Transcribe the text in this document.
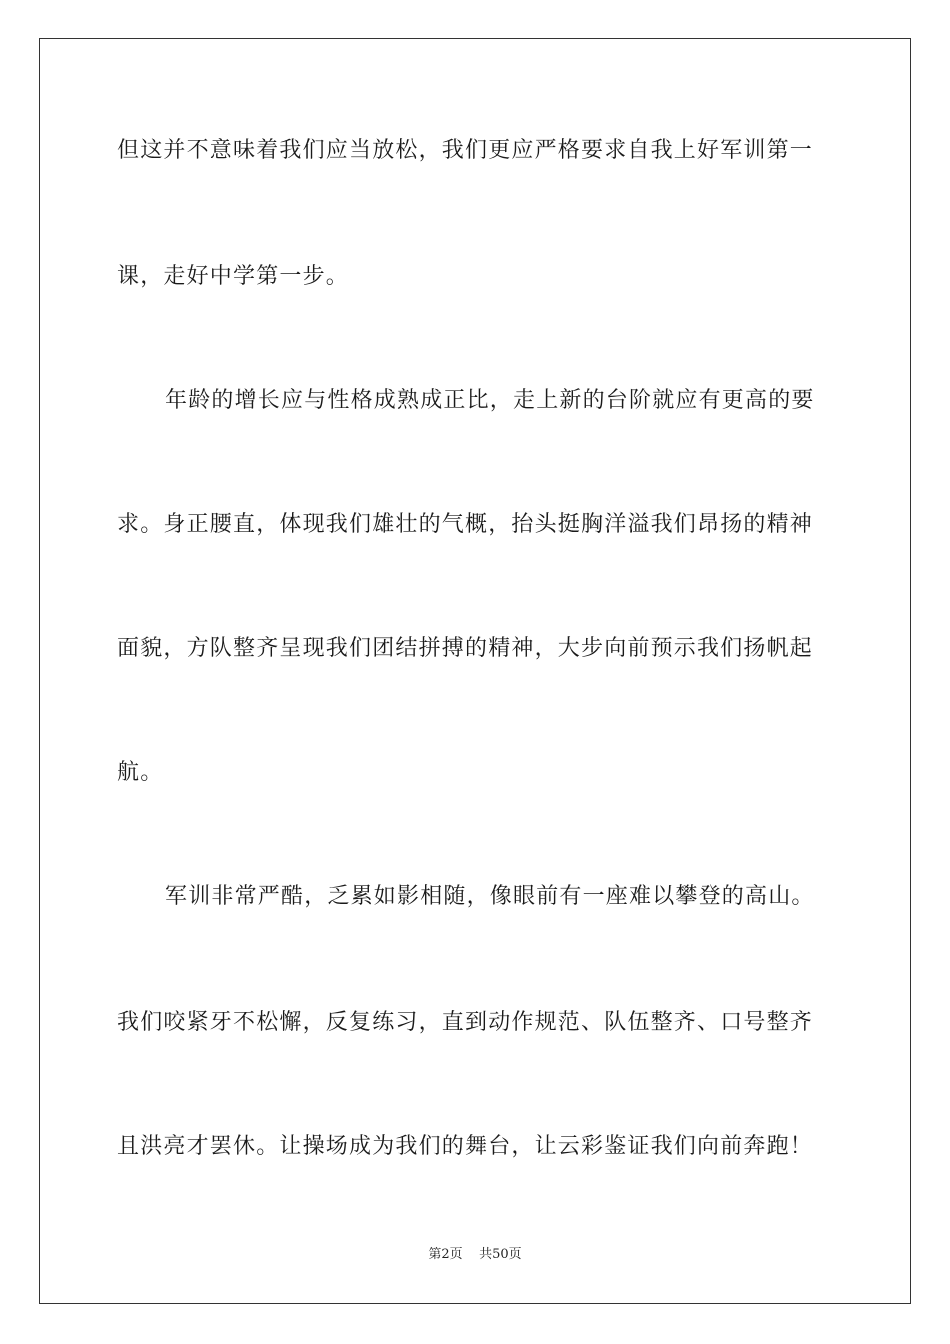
但这并不意味着我们应当放松，我们更应严格要求自我上好军训第一
课，走好中学第一步。
年龄的增长应与性格成熟成正比，走上新的台阶就应有更高的要
求。身正腰直，体现我们雄壮的气概，抬头挺胸洋溢我们昂扬的精神
面貌，方队整齐呈现我们团结拼搏的精神，大步向前预示我们扬帆起
航。
军训非常严酷，乏累如影相随，像眼前有一座难以攀登的高山。
我们咬紧牙不松懈，反复练习，直到动作规范、队伍整齐、口号整齐
且洪亮才罢休。让操场成为我们的舞台，让云彩鉴证我们向前奔跑！
第2页 共50页
